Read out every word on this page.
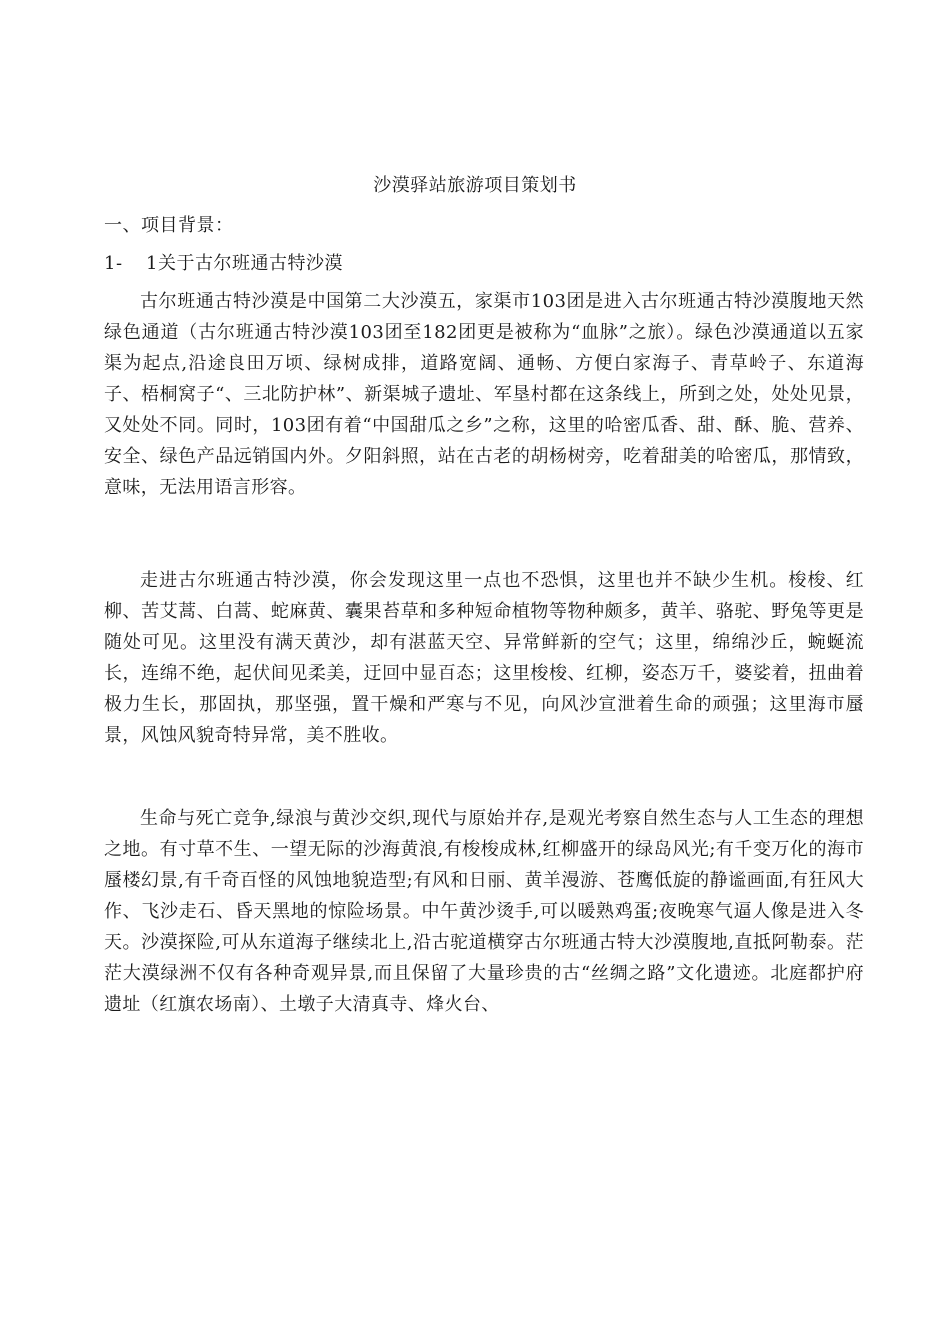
沙漠驿站旅游项目策划书
一、项目背景：
1- 1关于古尔班通古特沙漠

古尔班通古特沙漠是中国第二大沙漠五，家渠市103团是进入古尔班通古特沙漠腹地天然绿色通道（古尔班通古特沙漠103团至182团更是被称为“血脉”之旅）。绿色沙漠通道以五家渠为起点,沿途良田万顷、绿树成排，道路宽阔、通畅、方便白家海子、青草岭子、东道海子、梧桐窝子“、三北防护林”、新渠城子遗址、军垦村都在这条线上，所到之处，处处见景，又处处不同。同时，103团有着“中国甜瓜之乡”之称，这里的哈密瓜香、甜、酥、脆、营养、安全、绿色产品远销国内外。夕阳斜照，站在古老的胡杨树旁，吃着甜美的哈密瓜，那情致，意味，无法用语言形容。

走进古尔班通古特沙漠，你会发现这里一点也不恐惧，这里也并不缺少生机。梭梭、红柳、苦艾蒿、白蒿、蛇麻黄、囊果苔草和多种短命植物等物种颇多，黄羊、骆驼、野兔等更是随处可见。这里没有满天黄沙，却有湛蓝天空、异常鲜新的空气；这里，绵绵沙丘，蜿蜒流长，连绵不绝，起伏间见柔美，迂回中显百态；这里梭梭、红柳，姿态万千，婆娑着，扭曲着极力生长，那固执，那坚强，置干燥和严寒与不见，向风沙宣泄着生命的顽强；这里海市蜃景，风蚀风貌奇特异常，美不胜收。

生命与死亡竞争,绿浪与黄沙交织,现代与原始并存,是观光考察自然生态与人工生态的理想之地。有寸草不生、一望无际的沙海黄浪,有梭梭成林,红柳盛开的绿岛风光;有千变万化的海市蜃楼幻景,有千奇百怪的风蚀地貌造型;有风和日丽、黄羊漫游、苍鹰低旋的静谧画面,有狂风大作、飞沙走石、昏天黑地的惊险场景。中午黄沙烫手,可以暖熟鸡蛋;夜晚寒气逼人像是进入冬天。沙漠探险,可从东道海子继续北上,沿古驼道横穿古尔班通古特大沙漠腹地,直抵阿勒泰。茫茫大漠绿洲不仅有各种奇观异景,而且保留了大量珍贵的古“丝绸之路”文化遗迹。北庭都护府遗址（红旗农场南）、土墩子大清真寺、烽火台、
